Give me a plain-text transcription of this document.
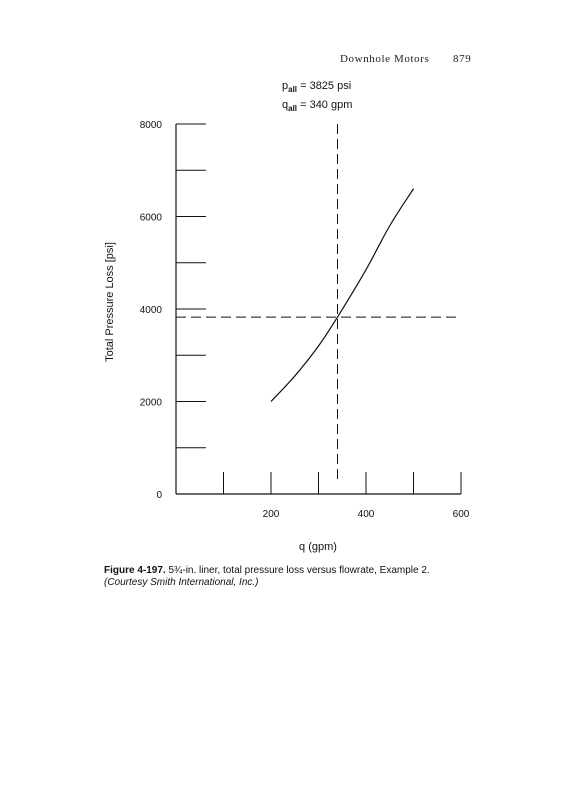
Downhole Motors 879
$p_{all} = 3825$ psi
$q_{all} = 340$ gpm
0
2000
4000
6000
8000
200	400	600
Total Pressure Loss [psi]
q (gpm)
Figure 4-197. 5¾-in. liner, total pressure loss versus flowrate, Example 2.
(Courtesy Smith International, Inc.)
